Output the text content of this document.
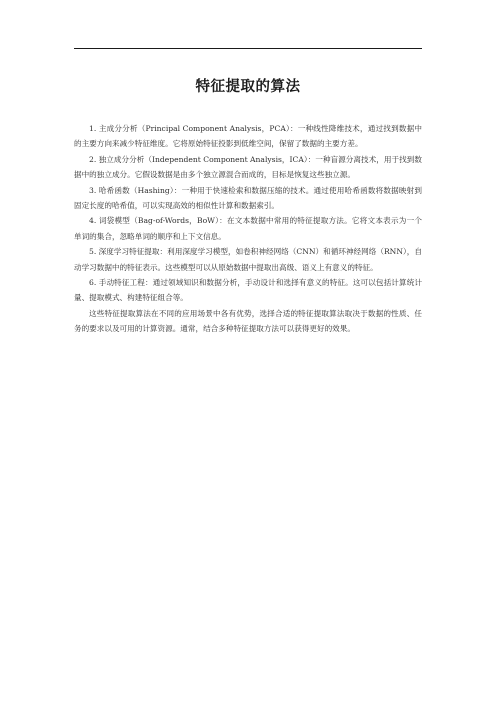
特征提取的算法

1. 主成分分析（Principal Component Analysis，PCA）：一种线性降维技术，通过找到数据中的主要方向来减少特征维度。它将原始特征投影到低维空间，保留了数据的主要方差。

2. 独立成分分析（Independent Component Analysis，ICA）：一种盲源分离技术，用于找到数据中的独立成分。它假设数据是由多个独立源混合而成的，目标是恢复这些独立源。

3. 哈希函数（Hashing）：一种用于快速检索和数据压缩的技术。通过使用哈希函数将数据映射到固定长度的哈希值，可以实现高效的相似性计算和数据索引。

4. 词袋模型（Bag-of-Words，BoW）：在文本数据中常用的特征提取方法。它将文本表示为一个单词的集合，忽略单词的顺序和上下文信息。

5. 深度学习特征提取：利用深度学习模型，如卷积神经网络（CNN）和循环神经网络（RNN），自动学习数据中的特征表示。这些模型可以从原始数据中提取出高级、语义上有意义的特征。

6. 手动特征工程：通过领域知识和数据分析，手动设计和选择有意义的特征。这可以包括计算统计量、提取模式、构建特征组合等。

这些特征提取算法在不同的应用场景中各有优势，选择合适的特征提取算法取决于数据的性质、任务的要求以及可用的计算资源。通常，结合多种特征提取方法可以获得更好的效果。
